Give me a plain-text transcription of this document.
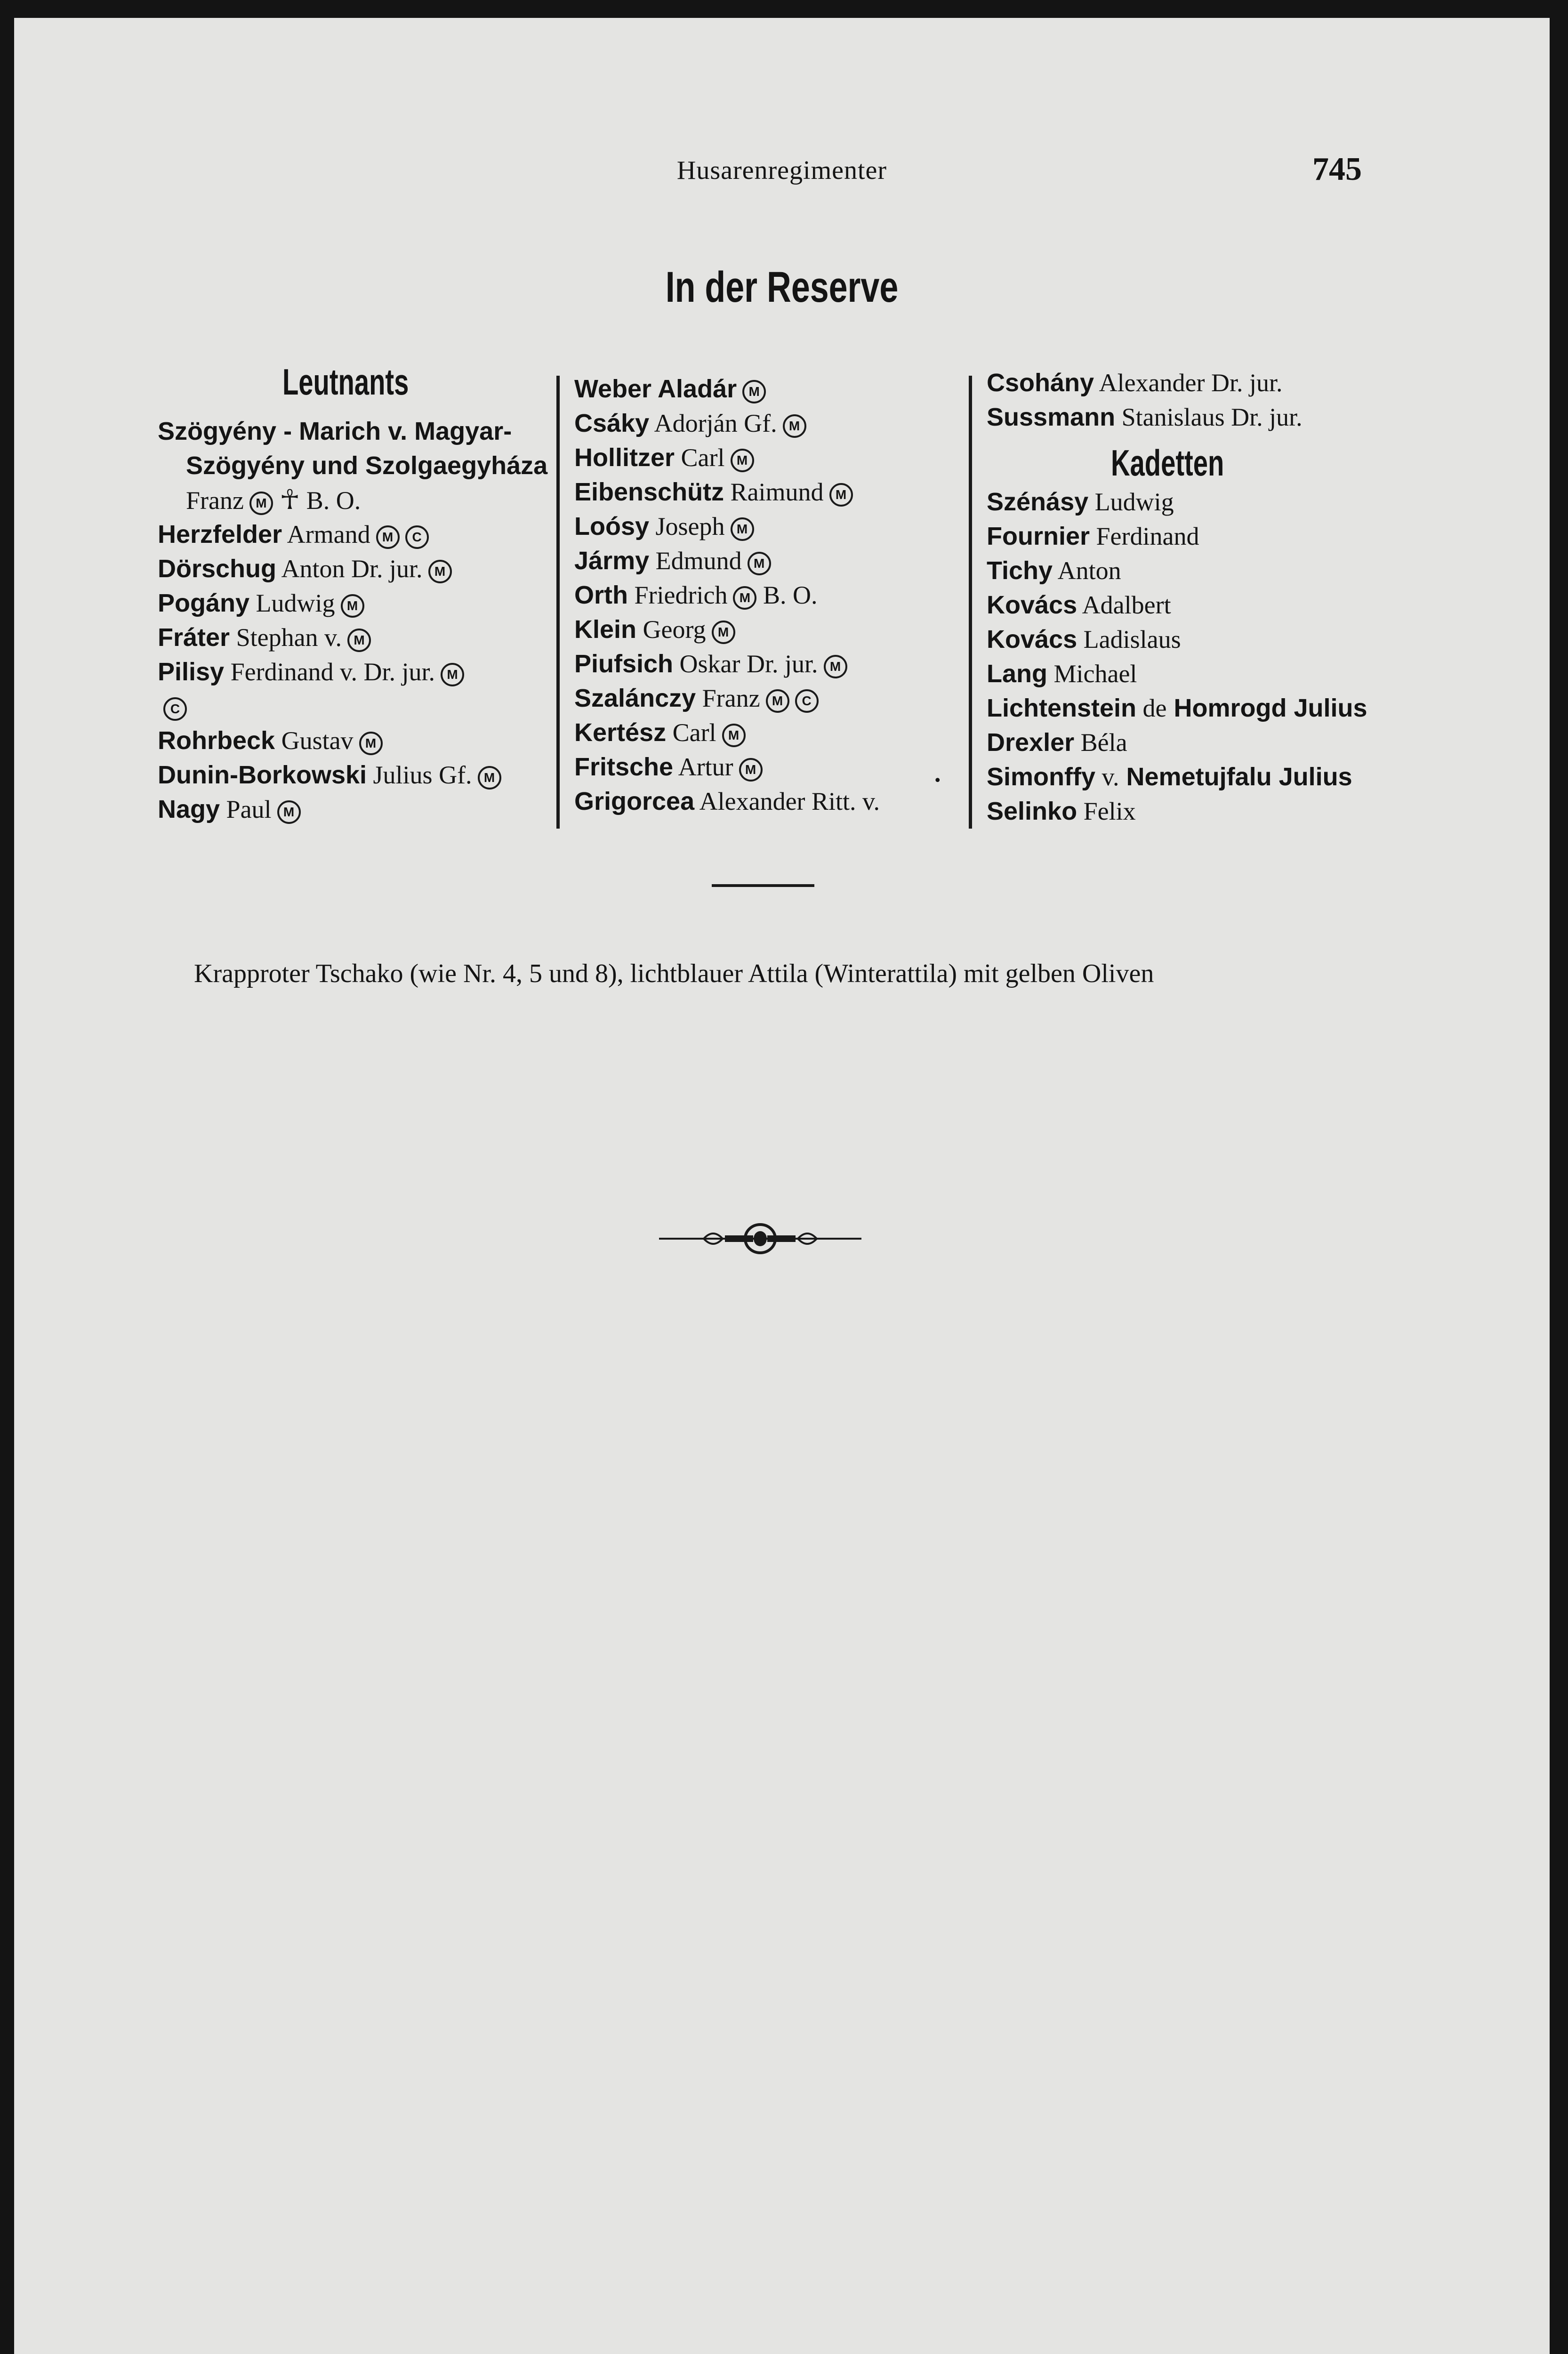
Husarenregimenter	745
In der Reserve
Leutnants
Szögyény - Marich v. Magyar-
Szögyény und Szolgaegyháza
Franz M ☥ B. O.
Herzfelder Armand M C
Dörschug Anton Dr. jur. M
Pogány Ludwig M
Fráter Stephan v. M
Pilisy Ferdinand v. Dr. jur. M
C
Rohrbeck Gustav M
Dunin-Borkowski Julius Gf. M
Nagy Paul M
Weber Aladár M
Csáky Adorján Gf. M
Hollitzer Carl M
Eibenschütz Raimund M
Loósy Joseph M
Jármy Edmund M
Orth Friedrich M B. O.
Klein Georg M
Piufsich Oskar Dr. jur. M
Szalánczy Franz M C
Kertész Carl M
Fritsche Artur M
Grigorcea Alexander Ritt. v.
Csohány Alexander Dr. jur.
Sussmann Stanislaus Dr. jur.
Kadetten
Szénásy Ludwig
Fournier Ferdinand
Tichy Anton
Kovács Adalbert
Kovács Ladislaus
Lang Michael
Lichtenstein de Homrogd Julius
Drexler Béla
Simonffy v. Nemetujfalu Julius
Selinko Felix
.
Krapproter Tschako (wie Nr. 4, 5 und 8), lichtblauer Attila (Winterattila) mit gelben Oliven
